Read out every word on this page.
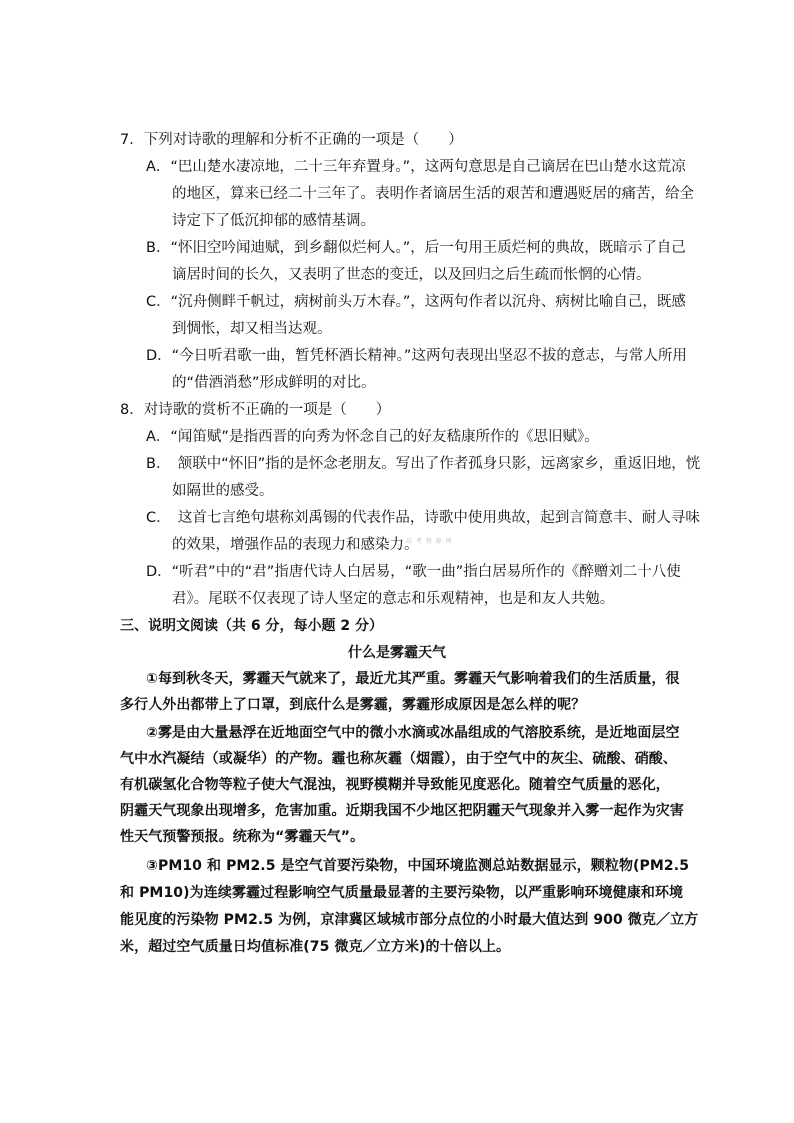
7．下列对诗歌的理解和分析不正确的一项是（　　）
A．“巴山楚水凄凉地，二十三年弃置身。”，这两句意思是自己谪居在巴山楚水这荒凉
的地区，算来已经二十三年了。表明作者谪居生活的艰苦和遭遇贬居的痛苦，给全
诗定下了低沉抑郁的感情基调。
B．“怀旧空吟闻迪赋，到乡翻似烂柯人。”，后一句用王质烂柯的典故，既暗示了自己
谪居时间的长久，又表明了世态的变迁，以及回归之后生疏而怅惘的心情。
C．“沉舟侧畔千帆过，病树前头万木春。”，这两句作者以沉舟、病树比喻自己，既感
到惆怅，却又相当达观。
D．“今日听君歌一曲，暂凭杯酒长精神。”这两句表现出坚忍不拔的意志，与常人所用
的“借酒消愁”形成鲜明的对比。
8．对诗歌的赏析不正确的一项是（　　）
A．“闻笛赋”是指西晋的向秀为怀念自己的好友嵇康所作的《思旧赋》。
B．　颔联中“怀旧”指的是怀念老朋友。写出了作者孤身只影，远离家乡，重返旧地，恍
如隔世的感受。
C．　这首七言绝句堪称刘禹锡的代表作品，诗歌中使用典故，起到言简意丰、耐人寻味
的效果，增强作品的表现力和感染力。
高 考 资 源 网
D．“听君”中的“君”指唐代诗人白居易，“歌一曲”指白居易所作的《醉赠刘二十八使
君》。尾联不仅表现了诗人坚定的意志和乐观精神，也是和友人共勉。
三、说明文阅读（共 6 分，每小题 2 分）
什么是雾霾天气
①每到秋冬天，雾霾天气就来了，最近尤其严重。雾霾天气影响着我们的生活质量，很
多行人外出都带上了口罩，到底什么是雾霾，雾霾形成原因是怎么样的呢？
②雾是由大量悬浮在近地面空气中的微小水滴或冰晶组成的气溶胶系统，是近地面层空
气中水汽凝结（或凝华）的产物。霾也称灰霾（烟霞），由于空气中的灰尘、硫酸、硝酸、
有机碳氢化合物等粒子使大气混浊，视野模糊并导致能见度恶化。随着空气质量的恶化，
阴霾天气现象出现增多，危害加重。近期我国不少地区把阴霾天气现象并入雾一起作为灾害
性天气预警预报。统称为“雾霾天气”。
③PM10 和 PM2.5 是空气首要污染物，中国环境监测总站数据显示，颗粒物(PM2.5
和 PM10)为连续雾霾过程影响空气质量最显著的主要污染物，以严重影响环境健康和环境
能见度的污染物 PM2.5 为例，京津冀区域城市部分点位的小时最大值达到 900 微克／立方
米，超过空气质量日均值标准(75 微克／立方米)的十倍以上。
